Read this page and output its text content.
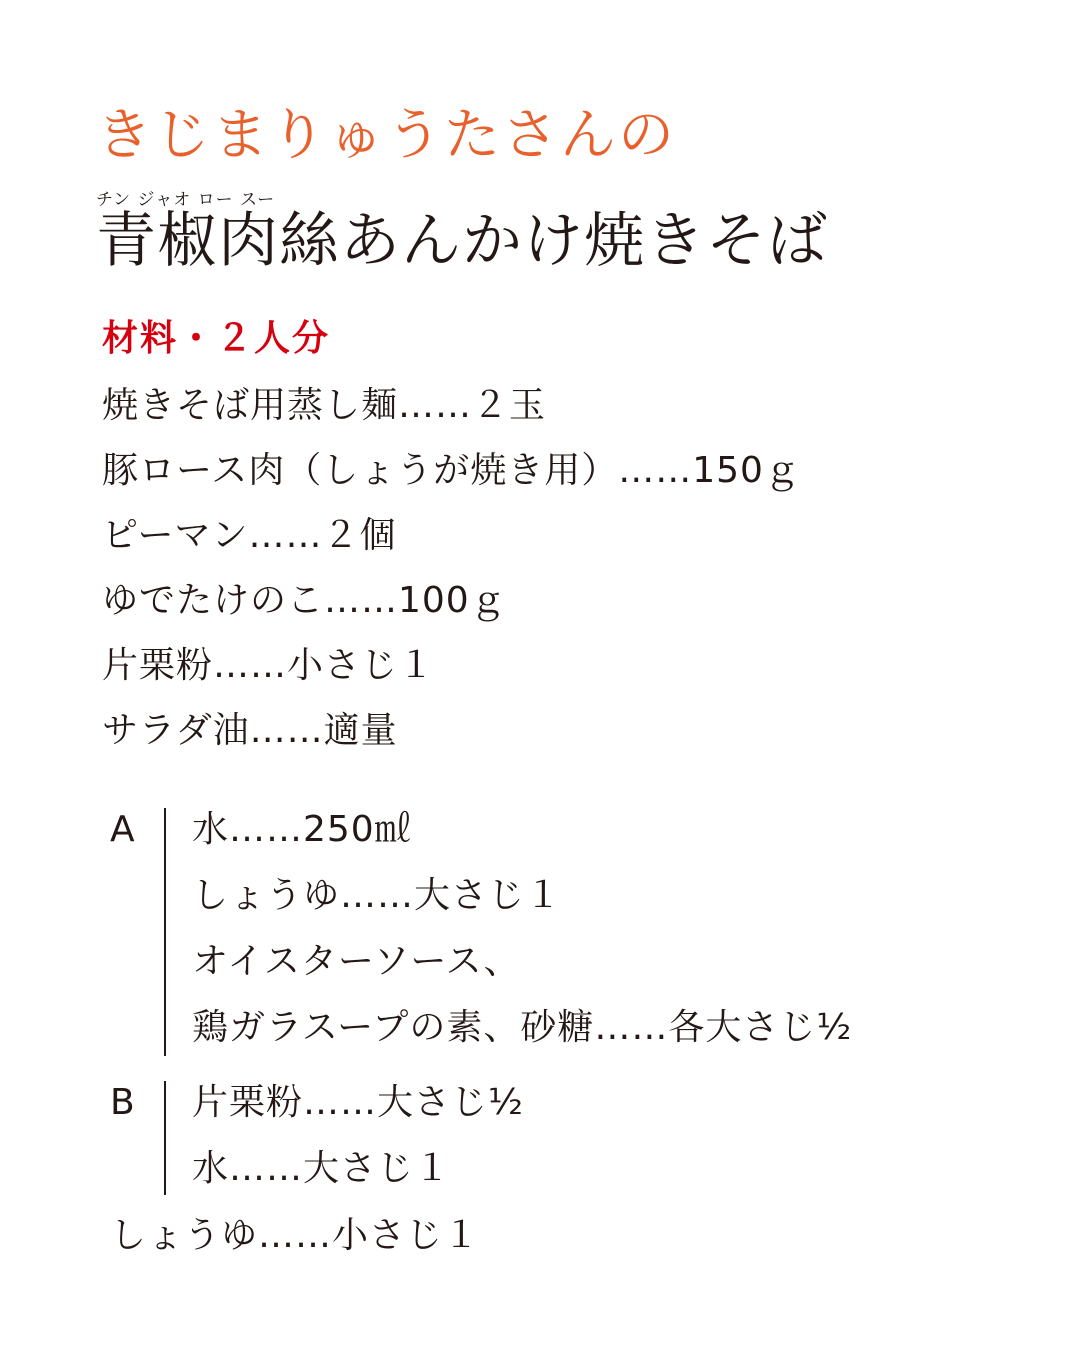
きじまりゅうたさんの
チン ジャオ ロー スー
青椒肉絲あんかけ焼きそば
材料・２人分
焼きそば用蒸し麺……２玉
豚ロース肉（しょうが焼き用）……150ｇ
ピーマン……２個
ゆでたけのこ……100ｇ
片栗粉……小さじ１
サラダ油……適量
A	水……250㎖
しょうゆ……大さじ１
オイスターソース、
鶏ガラスープの素、砂糖……各大さじ½
B	片栗粉……大さじ½
水……大さじ１
しょうゆ……小さじ１
